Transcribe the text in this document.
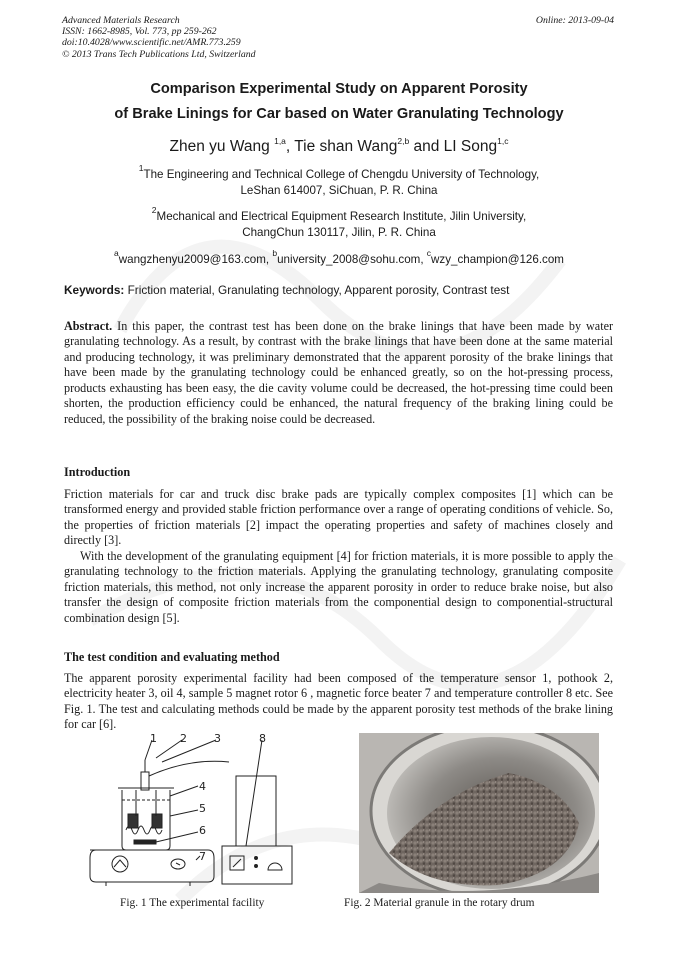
Advanced Materials Research
ISSN: 1662-8985, Vol. 773, pp 259-262
doi:10.4028/www.scientific.net/AMR.773.259
© 2013 Trans Tech Publications Ltd, Switzerland
Online: 2013-09-04
Comparison Experimental Study on Apparent Porosity
of Brake Linings for Car based on Water Granulating Technology
Zhen yu Wang $^{1,a}$, Tie shan Wang$^{2,b}$ and LI Song$^{1,c}$
$^1$The Engineering and Technical College of Chengdu University of Technology,
LeShan 614007, SiChuan, P. R. China
$^2$Mechanical and Electrical Equipment Research Institute, Jilin University,
ChangChun 130117, Jilin, P. R. China
$^a$wangzhenyu2009@163.com, $^b$university_2008@sohu.com, $^c$wzy_champion@126.com
Keywords: Friction material, Granulating technology, Apparent porosity, Contrast test
Abstract. In this paper, the contrast test has been done on the brake linings that have been made by water granulating technology. As a result, by contrast with the brake linings that have been done at the same material and producing technology, it was preliminary demonstrated that the apparent porosity of the brake linings that have been made by the granulating technology could be enhanced greatly, so on the hot-pressing process, products exhausting has been easy, the die cavity volume could be decreased, the hot-pressing time could been shorten, the production efficiency could be enhanced, the natural frequency of the braking lining could be reduced, the possibility of the braking noise could be decreased.
Introduction
Friction materials for car and truck disc brake pads are typically complex composites [1] which can be transformed energy and provided stable friction performance over a range of operating conditions of vehicle. So, the properties of friction materials [2] impact the operating properties and safety of machines closely and directly [3].
With the development of the granulating equipment [4] for friction materials, it is more possible to apply the granulating technology to the friction materials. Applying the granulating technology, granulating composite friction materials, this method, not only increase the apparent porosity in order to reduce brake noise, but also transfer the design of composite friction materials from the componential design to componential-structural combination design [5].
The test condition and evaluating method
The apparent porosity experimental facility had been composed of the temperature sensor 1, pothook 2, electricity heater 3, oil 4, sample 5 magnet rotor 6 , magnetic force beater 7 and temperature controller 8 etc. See Fig. 1. The test and calculating methods could be made by the apparent porosity test methods of the brake lining for car [6].
1 2 3
4
5
6
7
8
Fig. 1 The experimental facility	Fig. 2 Material granule in the rotary drum
